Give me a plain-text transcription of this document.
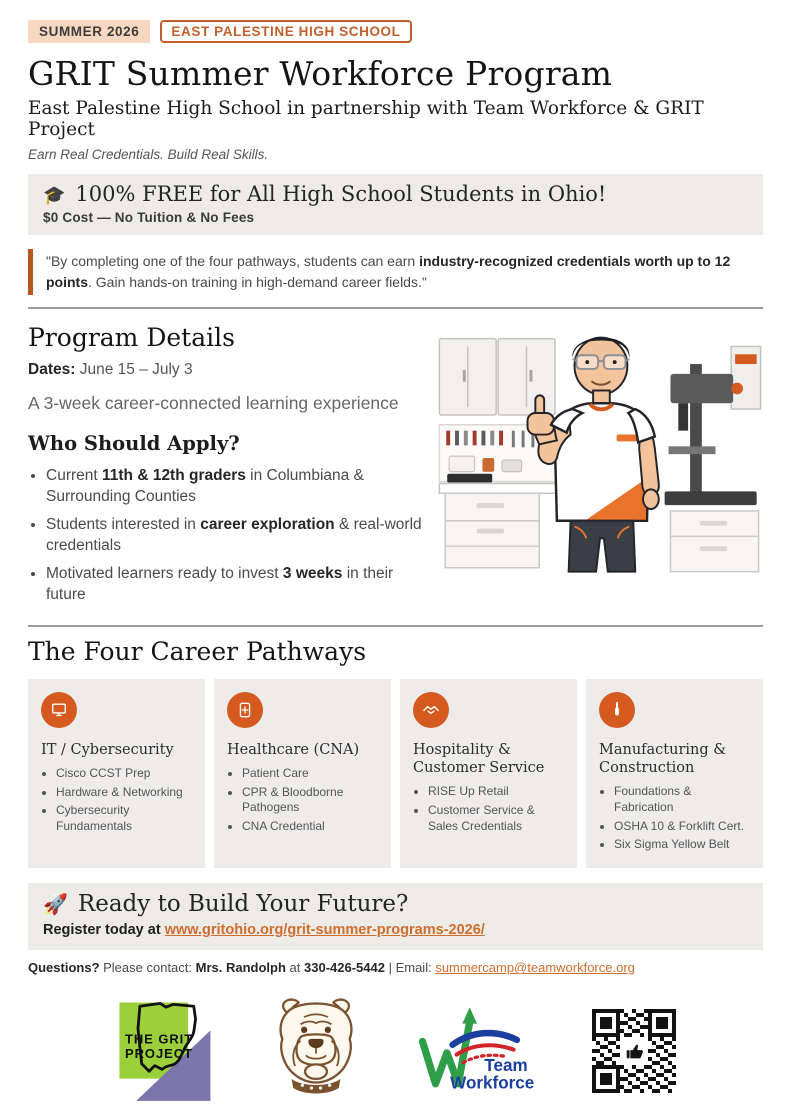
SUMMER 2026	EAST PALESTINE HIGH SCHOOL
GRIT Summer Workforce Program
East Palestine High School in partnership with Team Workforce & GRIT Project
Earn Real Credentials. Build Real Skills.
🎓 100% FREE for All High School Students in Ohio!
$0 Cost — No Tuition & No Fees
"By completing one of the four pathways, students can earn industry-recognized credentials worth up to 12 points. Gain hands-on training in high-demand career fields."
Program Details

Dates: June 15 – July 3

A 3-week career-connected learning experience

Who Should Apply?
• Current 11th & 12th graders in Columbiana & Surrounding Counties
• Students interested in career exploration & real-world credentials
• Motivated learners ready to invest 3 weeks in their future
The Four Career Pathways
IT / Cybersecurity
• Cisco CCST Prep
• Hardware & Networking
• Cybersecurity Fundamentals
Healthcare (CNA)
• Patient Care
• CPR & Bloodborne Pathogens
• CNA Credential
Hospitality & Customer Service
• RISE Up Retail
• Customer Service & Sales Credentials
Manufacturing & Construction
• Foundations & Fabrication
• OSHA 10 & Forklift Cert.
• Six Sigma Yellow Belt
🚀 Ready to Build Your Future?
Register today at www.gritohio.org/grit-summer-programs-2026/

Questions? Please contact: Mrs. Randolph at 330-426-5442 | Email: summercamp@teamworkforce.org

THE GRIT
PROJECT
Team
Workforce
